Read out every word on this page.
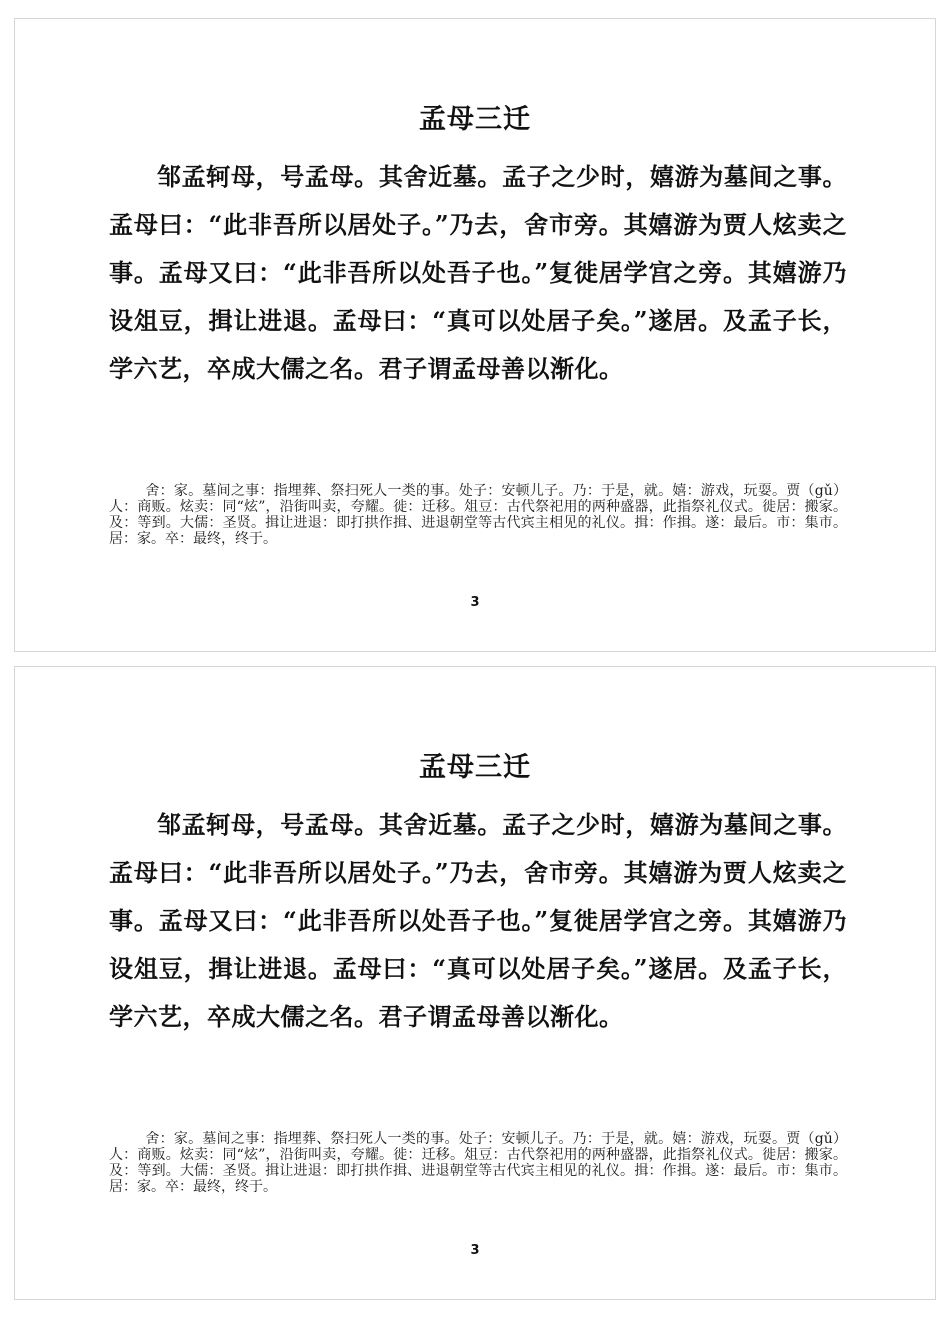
孟母三迁
邹孟轲母，号孟母。其舍近墓。孟子之少时，嬉游为墓间之事。孟母曰：“此非吾所以居处子。”乃去，舍市旁。其嬉游为贾人炫卖之事。孟母又曰：“此非吾所以处吾子也。”复徙居学宫之旁。其嬉游乃设俎豆，揖让进退。孟母曰：“真可以处居子矣。”遂居。及孟子长，学六艺，卒成大儒之名。君子谓孟母善以渐化。
舍：家。墓间之事：指埋葬、祭扫死人一类的事。处子：安顿儿子。乃：于是，就。嬉：游戏，玩耍。贾（gǔ）人：商贩。炫卖：同“炫”，沿街叫卖，夸耀。徙：迁移。俎豆：古代祭祀用的两种盛器，此指祭礼仪式。徙居：搬家。及：等到。大儒：圣贤。揖让进退：即打拱作揖、进退朝堂等古代宾主相见的礼仪。揖：作揖。遂：最后。市：集市。居：家。卒：最终，终于。
3
孟母三迁
邹孟轲母，号孟母。其舍近墓。孟子之少时，嬉游为墓间之事。孟母曰：“此非吾所以居处子。”乃去，舍市旁。其嬉游为贾人炫卖之事。孟母又曰：“此非吾所以处吾子也。”复徙居学宫之旁。其嬉游乃设俎豆，揖让进退。孟母曰：“真可以处居子矣。”遂居。及孟子长，学六艺，卒成大儒之名。君子谓孟母善以渐化。
舍：家。墓间之事：指埋葬、祭扫死人一类的事。处子：安顿儿子。乃：于是，就。嬉：游戏，玩耍。贾（gǔ）人：商贩。炫卖：同“炫”，沿街叫卖，夸耀。徙：迁移。俎豆：古代祭祀用的两种盛器，此指祭礼仪式。徙居：搬家。及：等到。大儒：圣贤。揖让进退：即打拱作揖、进退朝堂等古代宾主相见的礼仪。揖：作揖。遂：最后。市：集市。居：家。卒：最终，终于。
3
